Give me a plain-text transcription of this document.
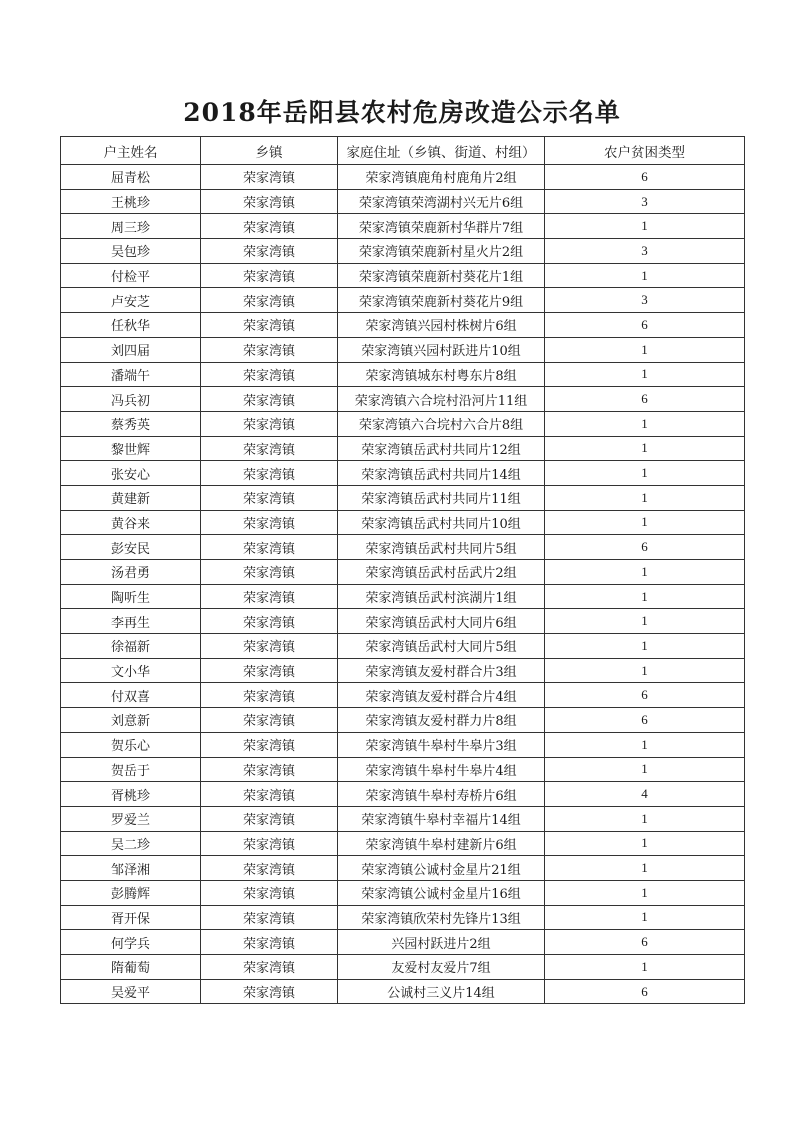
2018年岳阳县农村危房改造公示名单
户主姓名	乡镇	家庭住址（乡镇、街道、村组）	农户贫困类型
屈青松	荣家湾镇	荣家湾镇鹿角村鹿角片2组	6
王桃珍	荣家湾镇	荣家湾镇荣湾湖村兴无片6组	3
周三珍	荣家湾镇	荣家湾镇荣鹿新村华群片7组	1
吴包珍	荣家湾镇	荣家湾镇荣鹿新村星火片2组	3
付检平	荣家湾镇	荣家湾镇荣鹿新村葵花片1组	1
卢安芝	荣家湾镇	荣家湾镇荣鹿新村葵花片9组	3
任秋华	荣家湾镇	荣家湾镇兴园村株树片6组	6
刘四届	荣家湾镇	荣家湾镇兴园村跃进片10组	1
潘端午	荣家湾镇	荣家湾镇城东村粤东片8组	1
冯兵初	荣家湾镇	荣家湾镇六合垸村沿河片11组	6
蔡秀英	荣家湾镇	荣家湾镇六合垸村六合片8组	1
黎世辉	荣家湾镇	荣家湾镇岳武村共同片12组	1
张安心	荣家湾镇	荣家湾镇岳武村共同片14组	1
黄建新	荣家湾镇	荣家湾镇岳武村共同片11组	1
黄谷来	荣家湾镇	荣家湾镇岳武村共同片10组	1
彭安民	荣家湾镇	荣家湾镇岳武村共同片5组	6
汤君勇	荣家湾镇	荣家湾镇岳武村岳武片2组	1
陶听生	荣家湾镇	荣家湾镇岳武村滨湖片1组	1
李再生	荣家湾镇	荣家湾镇岳武村大同片6组	1
徐福新	荣家湾镇	荣家湾镇岳武村大同片5组	1
文小华	荣家湾镇	荣家湾镇友爱村群合片3组	1
付双喜	荣家湾镇	荣家湾镇友爱村群合片4组	6
刘意新	荣家湾镇	荣家湾镇友爱村群力片8组	6
贺乐心	荣家湾镇	荣家湾镇牛皋村牛皋片3组	1
贺岳于	荣家湾镇	荣家湾镇牛皋村牛皋片4组	1
胥桃珍	荣家湾镇	荣家湾镇牛皋村寿桥片6组	4
罗爱兰	荣家湾镇	荣家湾镇牛皋村幸福片14组	1
吴二珍	荣家湾镇	荣家湾镇牛皋村建新片6组	1
邹泽湘	荣家湾镇	荣家湾镇公诚村金星片21组	1
彭腾辉	荣家湾镇	荣家湾镇公诚村金星片16组	1
胥开保	荣家湾镇	荣家湾镇欣荣村先锋片13组	1
何学兵	荣家湾镇	兴园村跃进片2组	6
隋葡萄	荣家湾镇	友爱村友爱片7组	1
吴爱平	荣家湾镇	公诚村三义片14组	6
